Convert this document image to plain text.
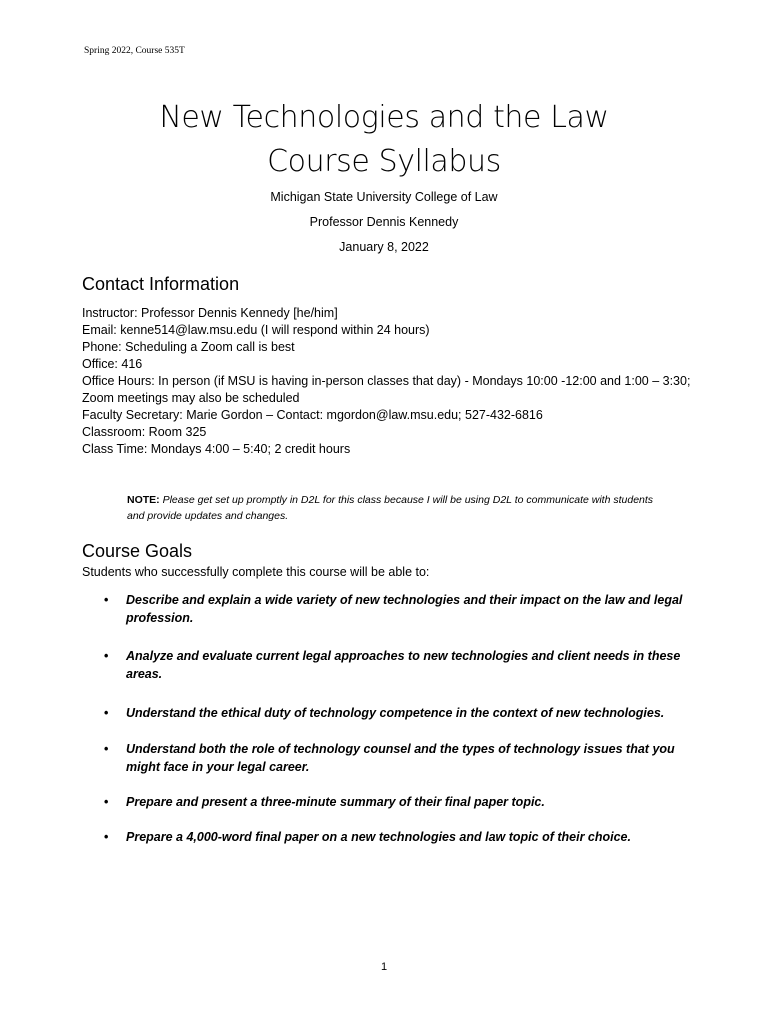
Spring 2022, Course 535T
New Technologies and the Law
Course Syllabus
Michigan State University College of Law
Professor Dennis Kennedy
January 8, 2022
Contact Information
Instructor: Professor Dennis Kennedy [he/him]
Email: kenne514@law.msu.edu (I will respond within 24 hours)
Phone: Scheduling a Zoom call is best
Office: 416
Office Hours: In person (if MSU is having in-person classes that day) - Mondays 10:00 -12:00 and 1:00 – 3:30; Zoom meetings may also be scheduled
Faculty Secretary: Marie Gordon – Contact: mgordon@law.msu.edu; 527-432-6816
Classroom: Room 325
Class Time: Mondays 4:00 – 5:40; 2 credit hours
NOTE: Please get set up promptly in D2L for this class because I will be using D2L to communicate with students and provide updates and changes.
Course Goals
Students who successfully complete this course will be able to:
• Describe and explain a wide variety of new technologies and their impact on the law and legal profession.
• Analyze and evaluate current legal approaches to new technologies and client needs in these areas.
• Understand the ethical duty of technology competence in the context of new technologies.
• Understand both the role of technology counsel and the types of technology issues that you might face in your legal career.
• Prepare and present a three-minute summary of their final paper topic.
• Prepare a 4,000-word final paper on a new technologies and law topic of their choice.
1
